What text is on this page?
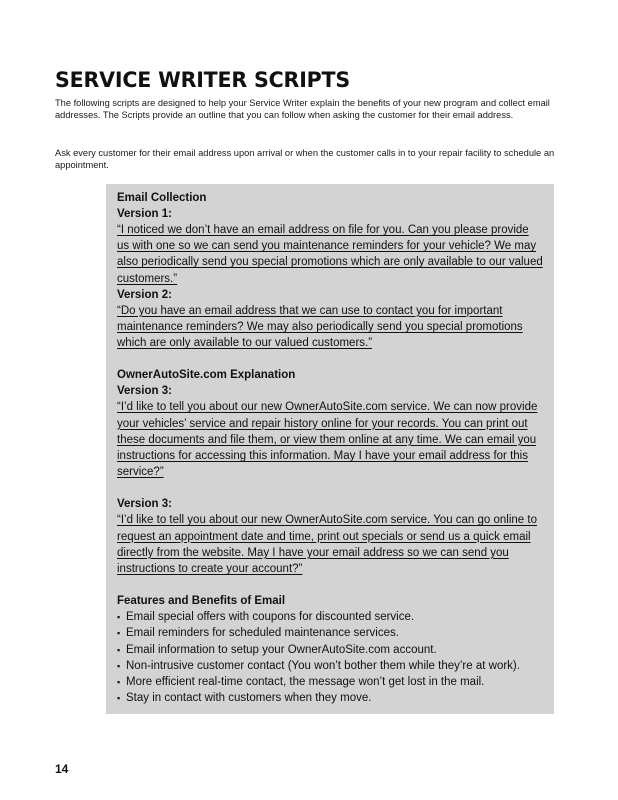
SERVICE WRITER SCRIPTS

The following scripts are designed to help your Service Writer explain the benefits of your new program and collect email addresses. The Scripts provide an outline that you can follow when asking the customer for their email address.

Ask every customer for their email address upon arrival or when the customer calls in to your repair facility to schedule an appointment.

Email Collection

Version 1:

“I noticed we don’t have an email address on file for you. Can you please provide us with one so we can send you maintenance reminders for your vehicle? We may also periodically send you special promotions which are only available to our valued customers.”

Version 2:

“Do you have an email address that we can use to contact you for important maintenance reminders? We may also periodically send you special promotions which are only available to our valued customers.”

OwnerAutoSite.com Explanation

Version 3:

“I’d like to tell you about our new OwnerAutoSite.com service. We can now provide your vehicles’ service and repair history online for your records. You can print out these documents and file them, or view them online at any time. We can email you instructions for accessing this information. May I have your email address for this service?”

Version 3:

“I’d like to tell you about our new OwnerAutoSite.com service. You can go online to request an appointment date and time, print out specials or send us a quick email directly from the website. May I have your email address so we can send you instructions to create your account?”

Features and Benefits of Email

▪ Email special offers with coupons for discounted service.
▪ Email reminders for scheduled maintenance services.
▪ Email information to setup your OwnerAutoSite.com account.
▪ Non-intrusive customer contact (You won’t bother them while they’re at work).
▪ More efficient real-time contact, the message won’t get lost in the mail.
▪ Stay in contact with customers when they move.
14
